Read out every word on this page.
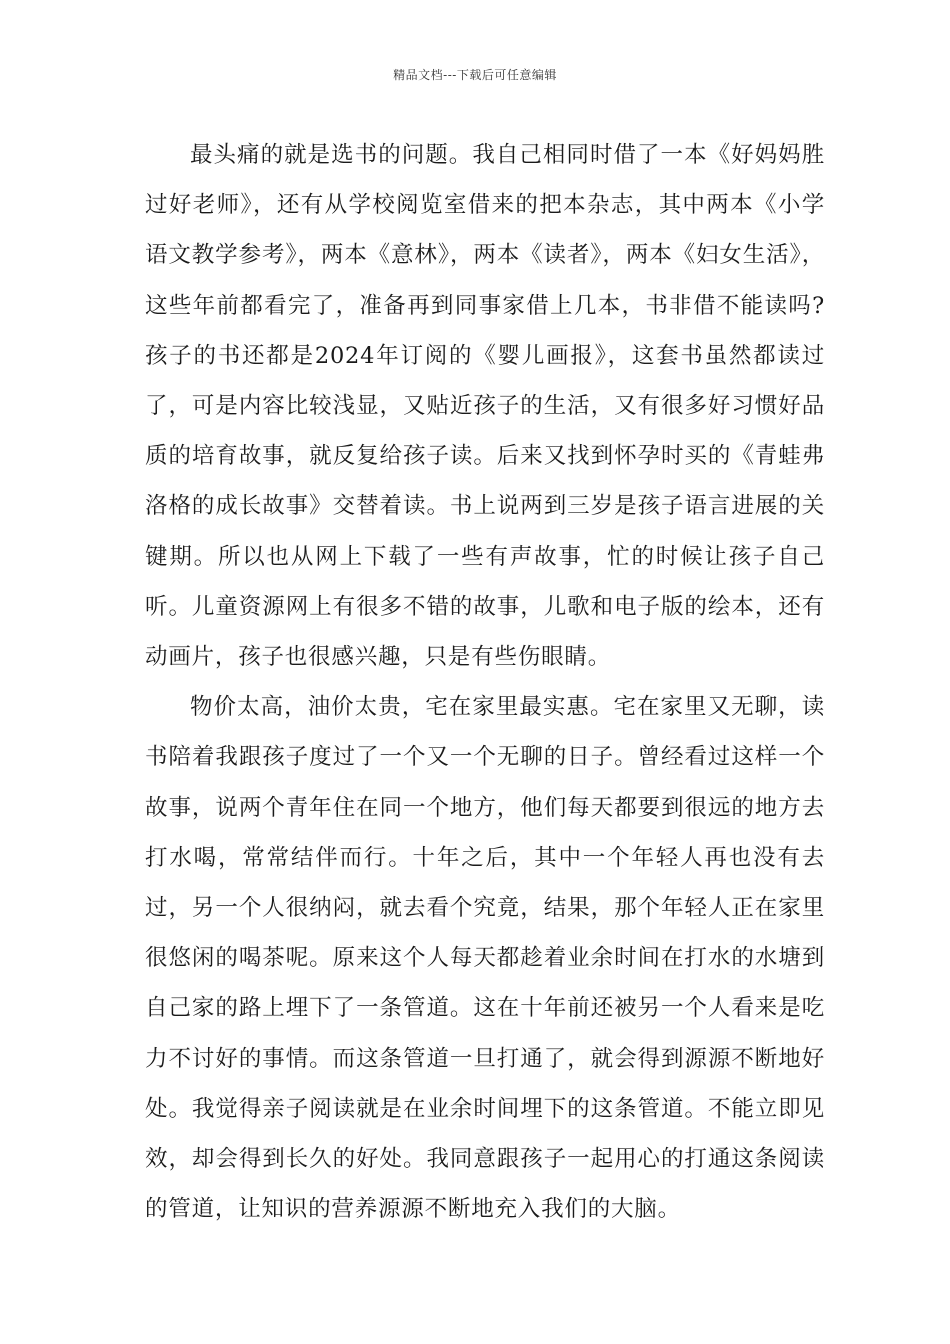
精品文档---下载后可任意编辑

最头痛的就是选书的问题。我自己相同时借了一本《好妈妈胜过好老师》，还有从学校阅览室借来的把本杂志，其中两本《小学语文教学参考》，两本《意林》，两本《读者》，两本《妇女生活》，这些年前都看完了，准备再到同事家借上几本，书非借不能读吗?孩子的书还都是2024年订阅的《婴儿画报》，这套书虽然都读过了，可是内容比较浅显，又贴近孩子的生活，又有很多好习惯好品质的培育故事，就反复给孩子读。后来又找到怀孕时买的《青蛙弗洛格的成长故事》交替着读。书上说两到三岁是孩子语言进展的关键期。所以也从网上下载了一些有声故事，忙的时候让孩子自己听。儿童资源网上有很多不错的故事，儿歌和电子版的绘本，还有动画片，孩子也很感兴趣，只是有些伤眼睛。

物价太高，油价太贵，宅在家里最实惠。宅在家里又无聊，读书陪着我跟孩子度过了一个又一个无聊的日子。曾经看过这样一个故事，说两个青年住在同一个地方，他们每天都要到很远的地方去打水喝，常常结伴而行。十年之后，其中一个年轻人再也没有去过，另一个人很纳闷，就去看个究竟，结果，那个年轻人正在家里很悠闲的喝茶呢。原来这个人每天都趁着业余时间在打水的水塘到自己家的路上埋下了一条管道。这在十年前还被另一个人看来是吃力不讨好的事情。而这条管道一旦打通了，就会得到源源不断地好处。我觉得亲子阅读就是在业余时间埋下的这条管道。不能立即见效，却会得到长久的好处。我同意跟孩子一起用心的打通这条阅读的管道，让知识的营养源源不断地充入我们的大脑。
